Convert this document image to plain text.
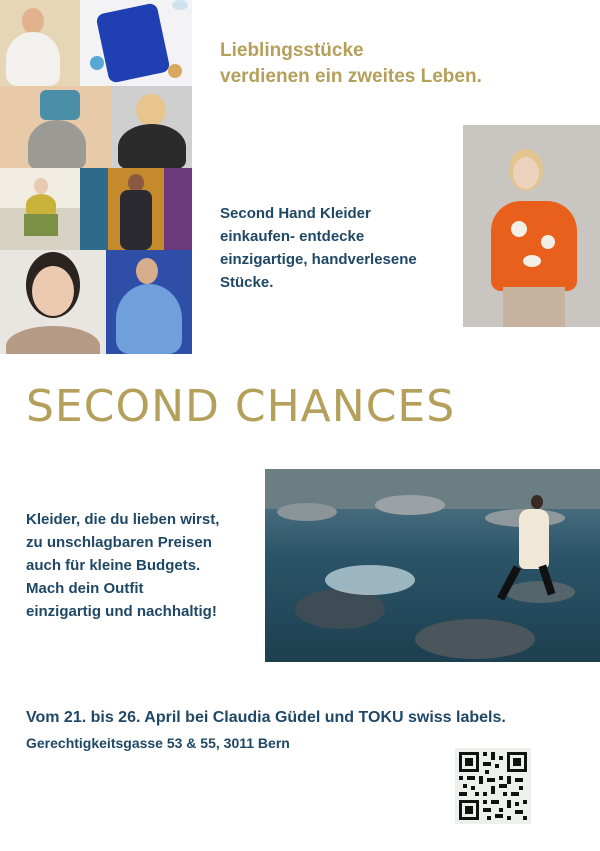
Lieblingsstücke
verdienen ein zweites Leben.
Second Hand Kleider
einkaufen- entdecke
einzigartige, handverlesene
Stücke.
SECOND CHANCES
Kleider, die du lieben wirst,
zu unschlagbaren Preisen
auch für kleine Budgets.
Mach dein Outfit
einzigartig und nachhaltig!
Vom 21. bis 26. April bei Claudia Güdel und TOKU swiss labels.
Gerechtigkeitsgasse 53 & 55, 3011 Bern
